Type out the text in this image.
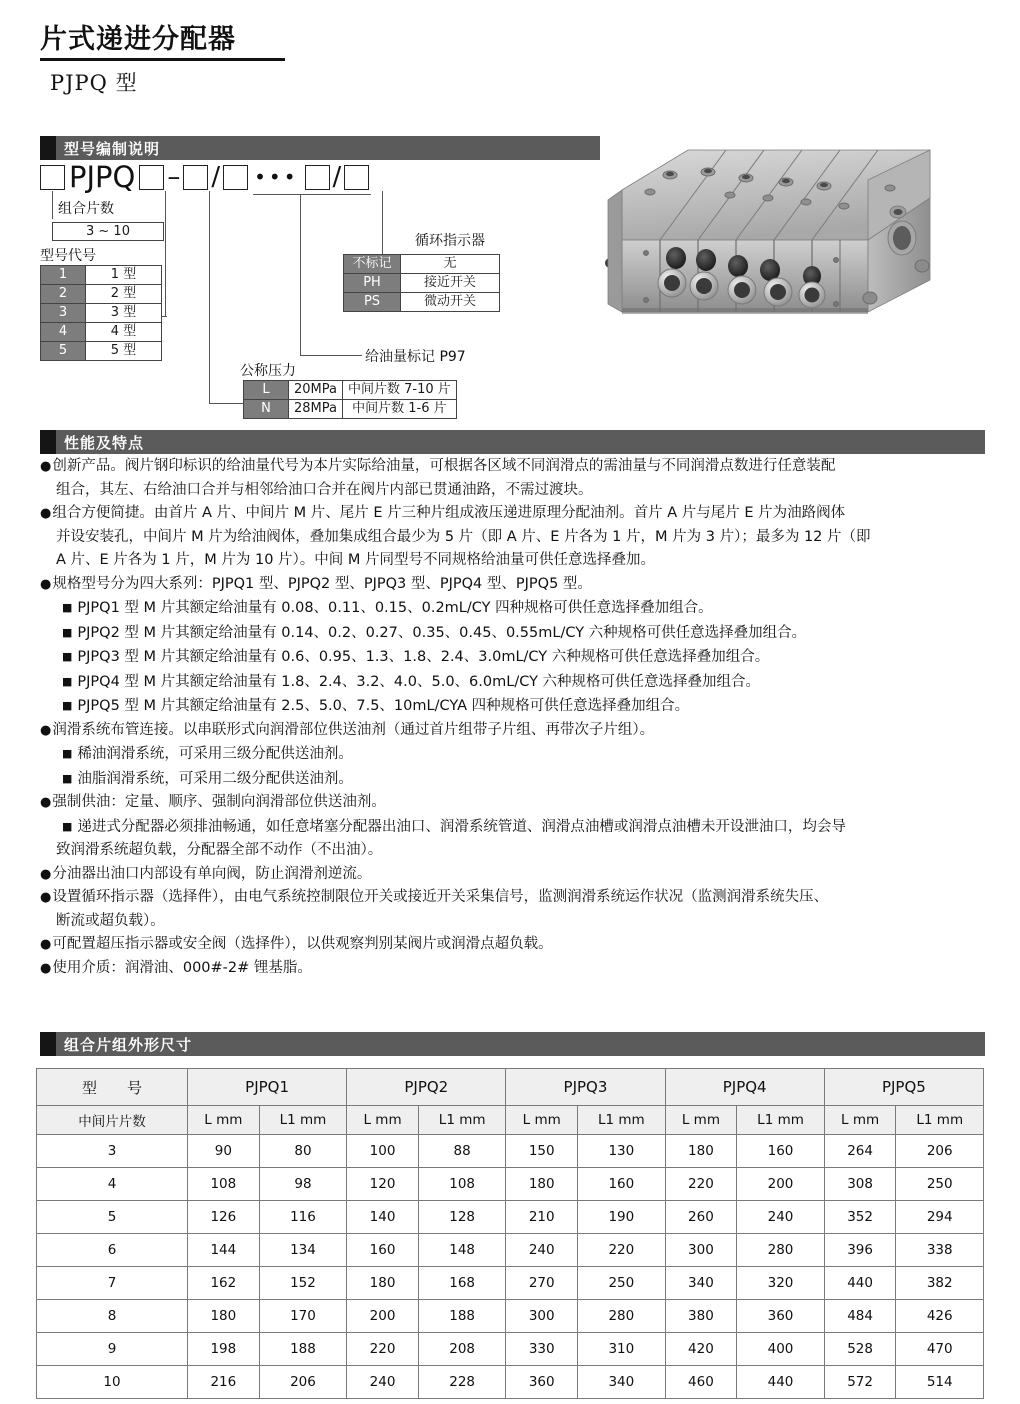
片式递进分配器
PJPQ 型
型号编制说明
PJPQ – /	••• /
组合片数
3 ~ 10
型号代号
1	1 型
2	2 型
3	3 型
4	4 型
5	5 型
公称压力
L	20MPa	中间片数 7-10 片
N	28MPa	中间片数 1-6 片
给油量标记 P97
循环指示器
不标记	无
PH	接近开关
PS	微动开关
性能及特点
●创新产品。阀片钢印标识的给油量代号为本片实际给油量，可根据各区域不同润滑点的需油量与不同润滑点数进行任意装配
组合，其左、右给油口合并与相邻给油口合并在阀片内部已贯通油路，不需过渡块。
●组合方便简捷。由首片 A 片、中间片 M 片、尾片 E 片三种片组成液压递进原理分配油剂。首片 A 片与尾片 E 片为油路阀体
并设安装孔，中间片 M 片为给油阀体，叠加集成组合最少为 5 片（即 A 片、E 片各为 1 片，M 片为 3 片）；最多为 12 片（即
A 片、E 片各为 1 片，M 片为 10 片）。中间 M 片同型号不同规格给油量可供任意选择叠加。
●规格型号分为四大系列：PJPQ1 型、PJPQ2 型、PJPQ3 型、PJPQ4 型、PJPQ5 型。
■ PJPQ1 型 M 片其额定给油量有 0.08、0.11、0.15、0.2mL/CY 四种规格可供任意选择叠加组合。
■ PJPQ2 型 M 片其额定给油量有 0.14、0.2、0.27、0.35、0.45、0.55mL/CY 六种规格可供任意选择叠加组合。
■ PJPQ3 型 M 片其额定给油量有 0.6、0.95、1.3、1.8、2.4、3.0mL/CY 六种规格可供任意选择叠加组合。
■ PJPQ4 型 M 片其额定给油量有 1.8、2.4、3.2、4.0、5.0、6.0mL/CY 六种规格可供任意选择叠加组合。
■ PJPQ5 型 M 片其额定给油量有 2.5、5.0、7.5、10mL/CYA 四种规格可供任意选择叠加组合。
●润滑系统布管连接。以串联形式向润滑部位供送油剂（通过首片组带子片组、再带次子片组）。
■ 稀油润滑系统，可采用三级分配供送油剂。
■ 油脂润滑系统，可采用二级分配供送油剂。
●强制供油：定量、顺序、强制向润滑部位供送油剂。
■ 递进式分配器必须排油畅通，如任意堵塞分配器出油口、润滑系统管道、润滑点油槽或润滑点油槽未开设泄油口，均会导
致润滑系统超负载，分配器全部不动作（不出油）。
●分油器出油口内部设有单向阀，防止润滑剂逆流。
●设置循环指示器（选择件），由电气系统控制限位开关或接近开关采集信号，监测润滑系统运作状况（监测润滑系统失压、
断流或超负载）。
●可配置超压指示器或安全阀（选择件），以供观察判别某阀片或润滑点超负载。
●使用介质：润滑油、000#-2# 锂基脂。
组合片组外形尺寸
型　　号	PJPQ1		PJPQ2		PJPQ3		PJPQ4		PJPQ5	
中间片片数	L mm	L1 mm	L mm	L1 mm	L mm	L1 mm	L mm	L1 mm	L mm	L1 mm
3	90	80	100	88	150	130	180	160	264	206
4	108	98	120	108	180	160	220	200	308	250
5	126	116	140	128	210	190	260	240	352	294
6	144	134	160	148	240	220	300	280	396	338
7	162	152	180	168	270	250	340	320	440	382
8	180	170	200	188	300	280	380	360	484	426
9	198	188	220	208	330	310	420	400	528	470
10	216	206	240	228	360	340	460	440	572	514
